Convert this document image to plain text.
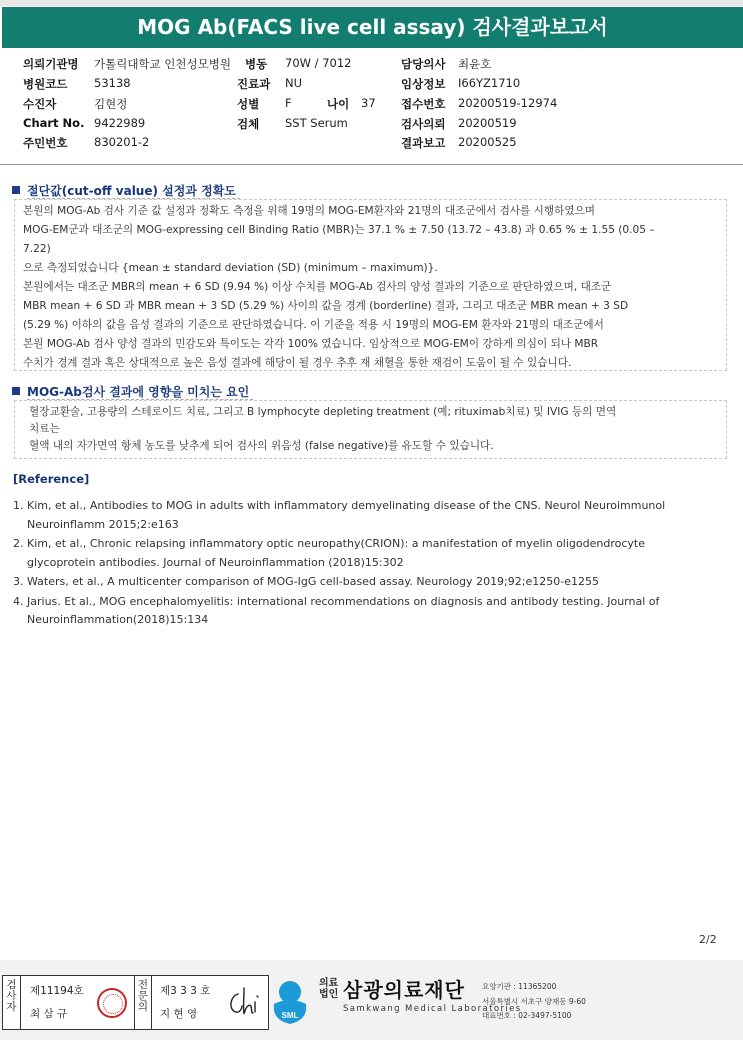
MOG Ab(FACS live cell assay) 검사결과보고서
의뢰기관명 가톨릭대학교 인천성모병원 병동 70W / 7012	담당의사 최윤호
병원코드 53138	진료과 NU	임상정보 I66YZ1710
수진자	김현정	성별 F	나이 37 접수번호 20200519-12974
Chart No. 9422989	검체 SST Serum	검사의뢰 20200519
주민번호 830201-2	결과보고 20200525
절단값(cut-off value) 설정과 정확도
본원의 MOG-Ab 검사 기준 값 설정과 정확도 측정을 위해 19명의 MOG-EM환자와 21명의 대조군에서 검사를 시행하였으며
MOG-EM군과 대조군의 MOG-expressing cell Binding Ratio (MBR)는 37.1 % ± 7.50 (13.72 – 43.8) 과 0.65 % ± 1.55 (0.05 –
7.22)
으로 측정되었습니다 {mean ± standard deviation (SD) (minimum – maximum)}.
본원에서는 대조군 MBR의 mean + 6 SD (9.94 %) 이상 수치를 MOG-Ab 검사의 양성 결과의 기준으로 판단하였으며, 대조군
MBR mean + 6 SD 과 MBR mean + 3 SD (5.29 %) 사이의 값을 경계 (borderline) 결과, 그리고 대조군 MBR mean + 3 SD
(5.29 %) 이하의 값을 음성 결과의 기준으로 판단하였습니다. 이 기준을 적용 시 19명의 MOG-EM 환자와 21명의 대조군에서
본원 MOG-Ab 검사 양성 결과의 민감도와 특이도는 각각 100% 였습니다. 임상적으로 MOG-EM이 강하게 의심이 되나 MBR
수치가 경계 결과 혹은 상대적으로 높은 음성 결과에 해당이 될 경우 추후 재 채혈을 통한 재검이 도움이 될 수 있습니다.
MOG-Ab검사 결과에 영향을 미치는 요인
혈장교환술, 고용량의 스테로이드 치료, 그리고 B lymphocyte depleting treatment (예; rituximab치료) 및 IVIG 등의 면역
치료는
혈액 내의 자가면역 항체 농도를 낮추게 되어 검사의 위음성 (false negative)를 유도할 수 있습니다.
[Reference]
1. Kim, et al., Antibodies to MOG in adults with inflammatory demyelinating disease of the CNS. Neurol Neuroimmunol
Neuroinflamm 2015;2:e163
2. Kim, et al., Chronic relapsing inflammatory optic neuropathy(CRION): a manifestation of myelin oligodendrocyte
glycoprotein antibodies. Journal of Neuroinflammation (2018)15:302
3. Waters, et al., A multicenter comparison of MOG-IgG cell-based assay. Neurology 2019;92;e1250-e1255
4. Jarius. Et al., MOG encephalomyelitis: international recommendations on diagnosis and antibody testing. Journal of
Neuroinflammation(2018)15:134
2/2
검
사
자
제11194호
최 삼 규
전
문
의
제3 3 3 호
지 현 영	SML
의료
법인 삼광의료재단
Samkwang Medical Laboratories
요양기관 : 11365200
서울특별시 서초구 양재동 9-60
대표번호 : 02-3497-5100
